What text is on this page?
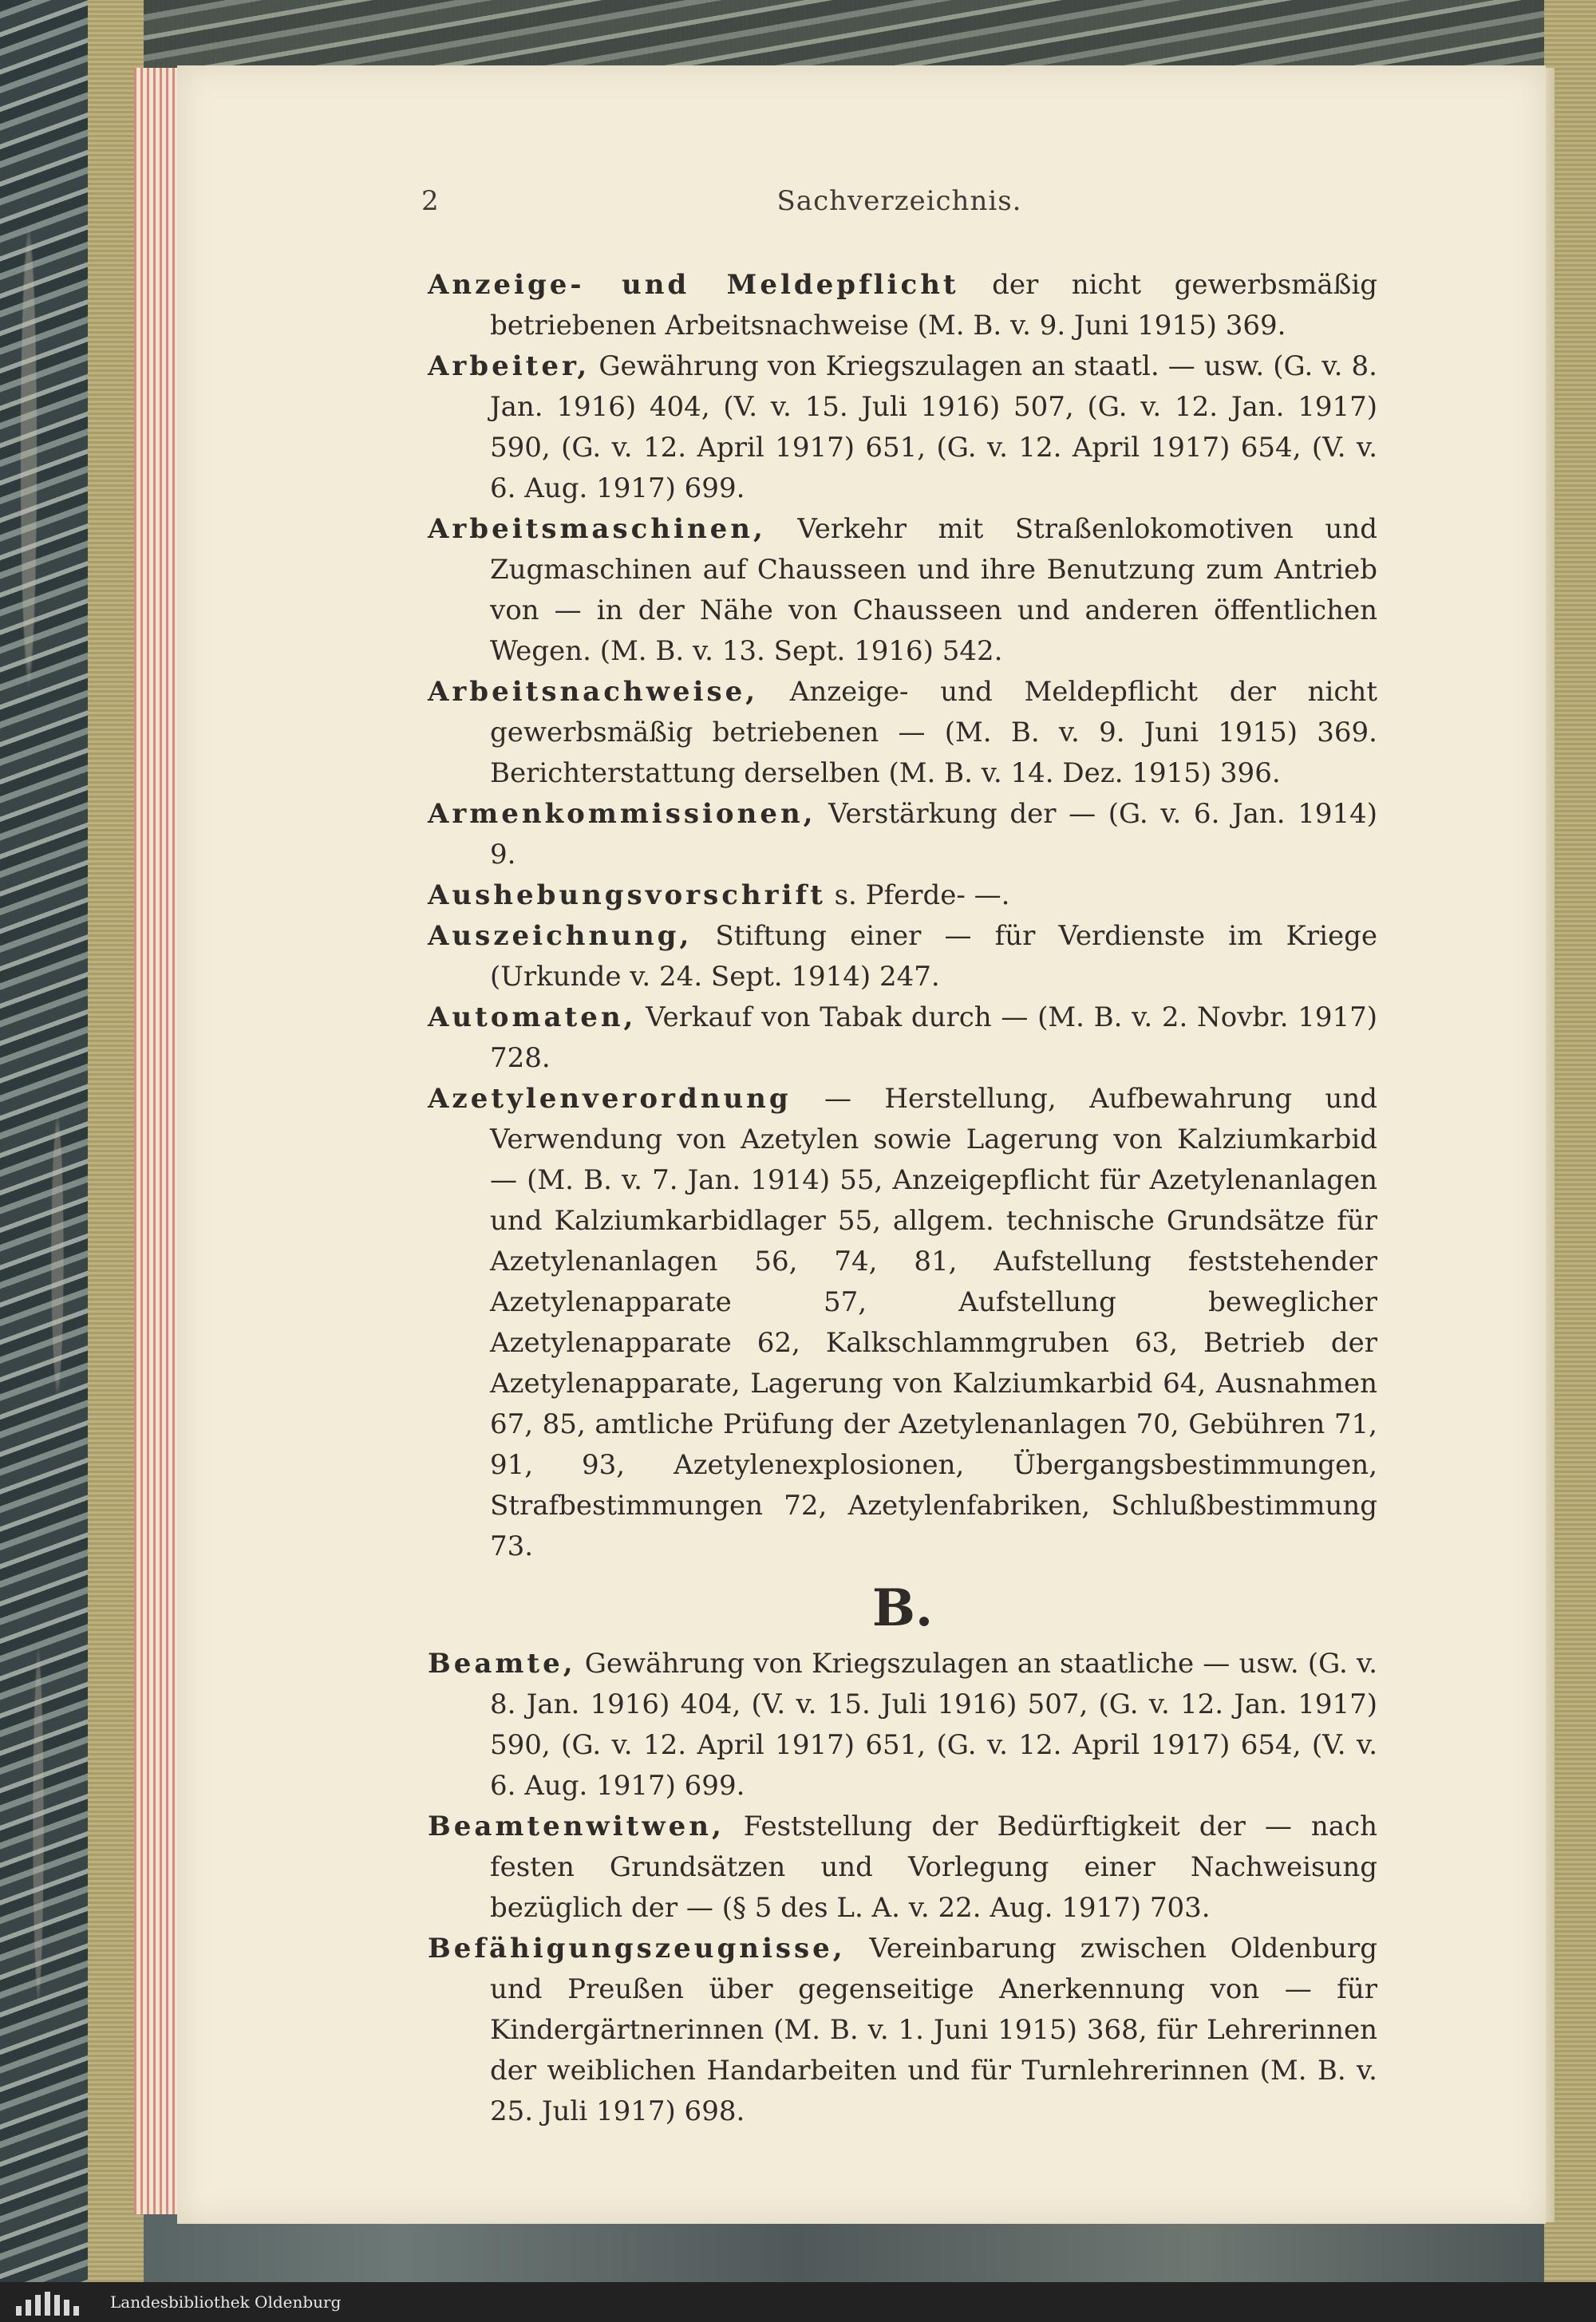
2	Sachverzeichnis.

Anzeige- und Meldepflicht der nicht gewerbsmäßig betriebenen Arbeitsnachweise (M. B. v. 9. Juni 1915) 369.

Arbeiter, Gewährung von Kriegszulagen an staatl. — usw. (G. v. 8. Jan. 1916) 404, (V. v. 15. Juli 1916) 507, (G. v. 12. Jan. 1917) 590, (G. v. 12. April 1917) 651, (G. v. 12. April 1917) 654, (V. v. 6. Aug. 1917) 699.

Arbeitsmaschinen, Verkehr mit Straßenlokomotiven und Zugmaschinen auf Chausseen und ihre Benutzung zum Antrieb von — in der Nähe von Chausseen und anderen öffentlichen Wegen. (M. B. v. 13. Sept. 1916) 542.

Arbeitsnachweise, Anzeige- und Meldepflicht der nicht gewerbsmäßig betriebenen — (M. B. v. 9. Juni 1915) 369. Berichterstattung derselben (M. B. v. 14. Dez. 1915) 396.

Armenkommissionen, Verstärkung der — (G. v. 6. Jan. 1914) 9.

Aushebungsvorschrift s. Pferde- —.

Auszeichnung, Stiftung einer — für Verdienste im Kriege (Urkunde v. 24. Sept. 1914) 247.

Automaten, Verkauf von Tabak durch — (M. B. v. 2. Novbr. 1917) 728.

Azetylenverordnung — Herstellung, Aufbewahrung und Verwendung von Azetylen sowie Lagerung von Kalziumkarbid — (M. B. v. 7. Jan. 1914) 55, Anzeigepflicht für Azetylenanlagen und Kalziumkarbidlager 55, allgem. technische Grundsätze für Azetylenanlagen 56, 74, 81, Aufstellung feststehender Azetylenapparate 57, Aufstellung beweglicher Azetylenapparate 62, Kalkschlammgruben 63, Betrieb der Azetylenapparate, Lagerung von Kalziumkarbid 64, Ausnahmen 67, 85, amtliche Prüfung der Azetylenanlagen 70, Gebühren 71, 91, 93, Azetylenexplosionen, Übergangsbestimmungen, Strafbestimmungen 72, Azetylenfabriken, Schlußbestimmung 73.

B.

Beamte, Gewährung von Kriegszulagen an staatliche — usw. (G. v. 8. Jan. 1916) 404, (V. v. 15. Juli 1916) 507, (G. v. 12. Jan. 1917) 590, (G. v. 12. April 1917) 651, (G. v. 12. April 1917) 654, (V. v. 6. Aug. 1917) 699.

Beamtenwitwen, Feststellung der Bedürftigkeit der — nach festen Grundsätzen und Vorlegung einer Nachweisung bezüglich der — (§ 5 des L. A. v. 22. Aug. 1917) 703.

Befähigungszeugnisse, Vereinbarung zwischen Oldenburg und Preußen über gegenseitige Anerkennung von — für Kindergärtnerinnen (M. B. v. 1. Juni 1915) 368, für Lehrerinnen der weiblichen Handarbeiten und für Turnlehrerinnen (M. B. v. 25. Juli 1917) 698.

Landesbibliothek Oldenburg
